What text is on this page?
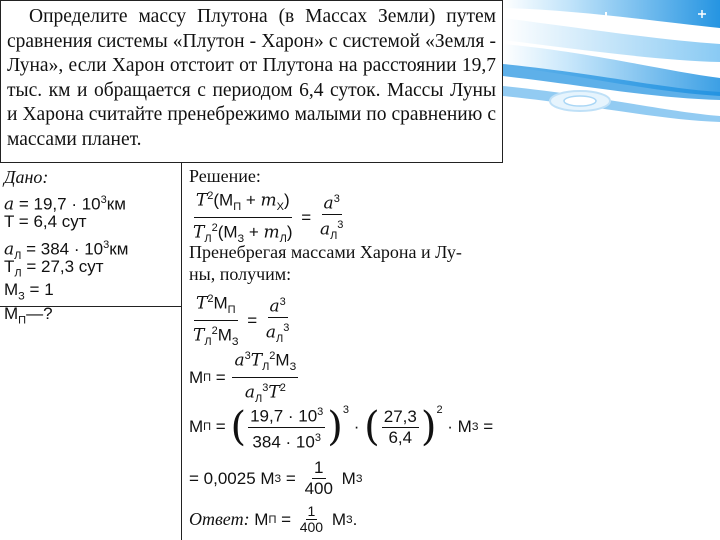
Определите массу Плутона (в Массах Земли) путем сравнения системы «Плутон - Харон» с системой «Земля - Луна», если Харон отстоит от Плутона на расстоянии 19,7 тыс. км и обращается с периодом 6,4 суток. Массы Луны и Харона считайте пренебрежимо малыми по сравнению с массами планет.
Дано:
$a = 19,7 \cdot 10^3км$
T = 6,4 сут
$a_Л = 384 \cdot 10^3км$
$T_Л = 27,3$ сут
$M_З = 1$
$M_П—$?
Решение:
$\frac{T^2(M_П + m_Х)}{T_Л^2(M_З + m_Л)} = \frac{a^3}{a_Л^3}$
Пренебрегая массами Харона и Лу-
ны, получим:
$\frac{T^2M_П}{T_Л^2M_З} = \frac{a^3}{a_Л^3}$
M $П = \frac{a^3T_Л^2M_З}{a_Л^3T^2}$
M П = ( $\frac{19,7 \cdot 10^3}{384 \cdot 10^3} )^3$
· ( $\frac{27,3}{6,4} )^2$
· M З =
= 0,0025 M $З = \frac{1}{400}$ M З
Ответ: M $П = \frac{1}{400}$ M З .
